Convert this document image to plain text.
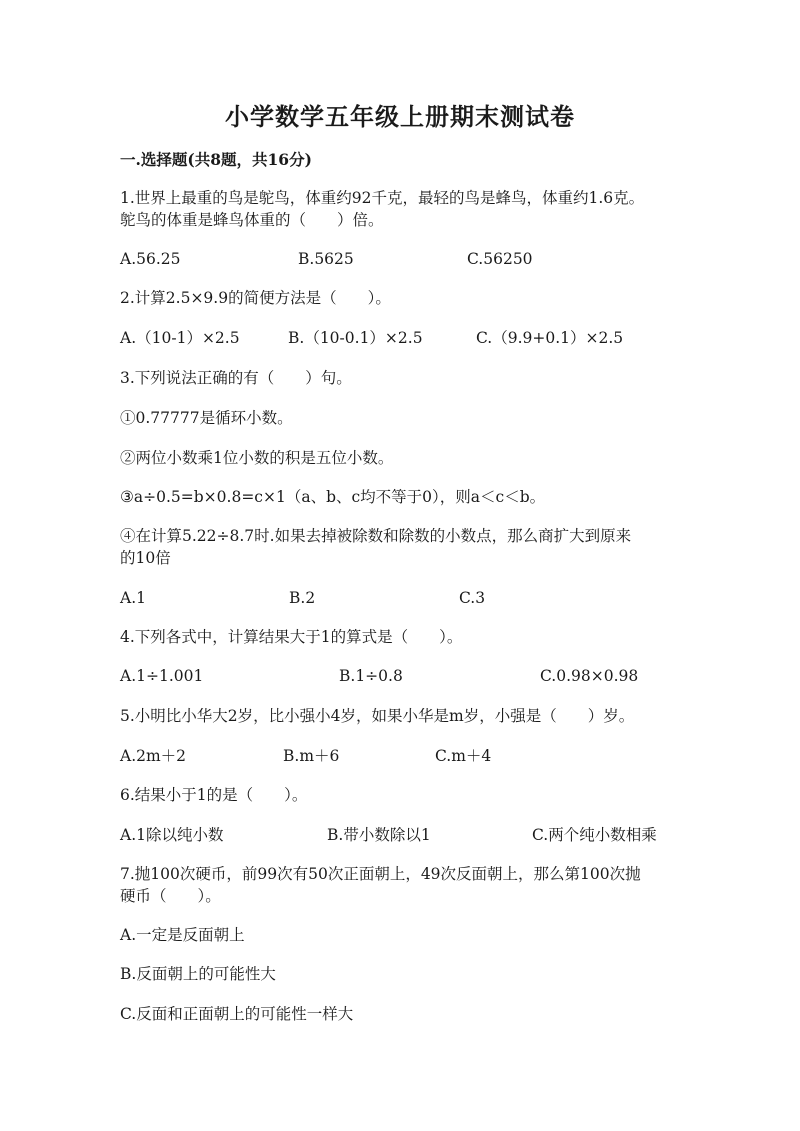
小学数学五年级上册期末测试卷
一.选择题(共8题，共16分)
1.世界上最重的鸟是鸵鸟，体重约92千克，最轻的鸟是蜂鸟，体重约1.6克。
鸵鸟的体重是蜂鸟体重的（　　）倍。
A.56.25	B.5625	C.56250
2.计算2.5×9.9的简便方法是（　　）。
A.（10-1）×2.5	B.（10-0.1）×2.5	C.（9.9+0.1）×2.5
3.下列说法正确的有（　　）句。
①0.77777是循环小数。
②两位小数乘1位小数的积是五位小数。
③a÷0.5=b×0.8=c×1（a、b、c均不等于0），则a＜c＜b。
④在计算5.22÷8.7时.如果去掉被除数和除数的小数点，那么商扩大到原来
的10倍
A.1	B.2	C.3
4.下列各式中，计算结果大于1的算式是（　　）。
A.1÷1.001	B.1÷0.8	C.0.98×0.98
5.小明比小华大2岁，比小强小4岁，如果小华是m岁，小强是（　　）岁。
A.2m＋2	B.m＋6	C.m＋4
6.结果小于1的是（　　）。
A.1除以纯小数	B.带小数除以1	C.两个纯小数相乘
7.抛100次硬币，前99次有50次正面朝上，49次反面朝上，那么第100次抛
硬币（　　）。
A.一定是反面朝上
B.反面朝上的可能性大
C.反面和正面朝上的可能性一样大
